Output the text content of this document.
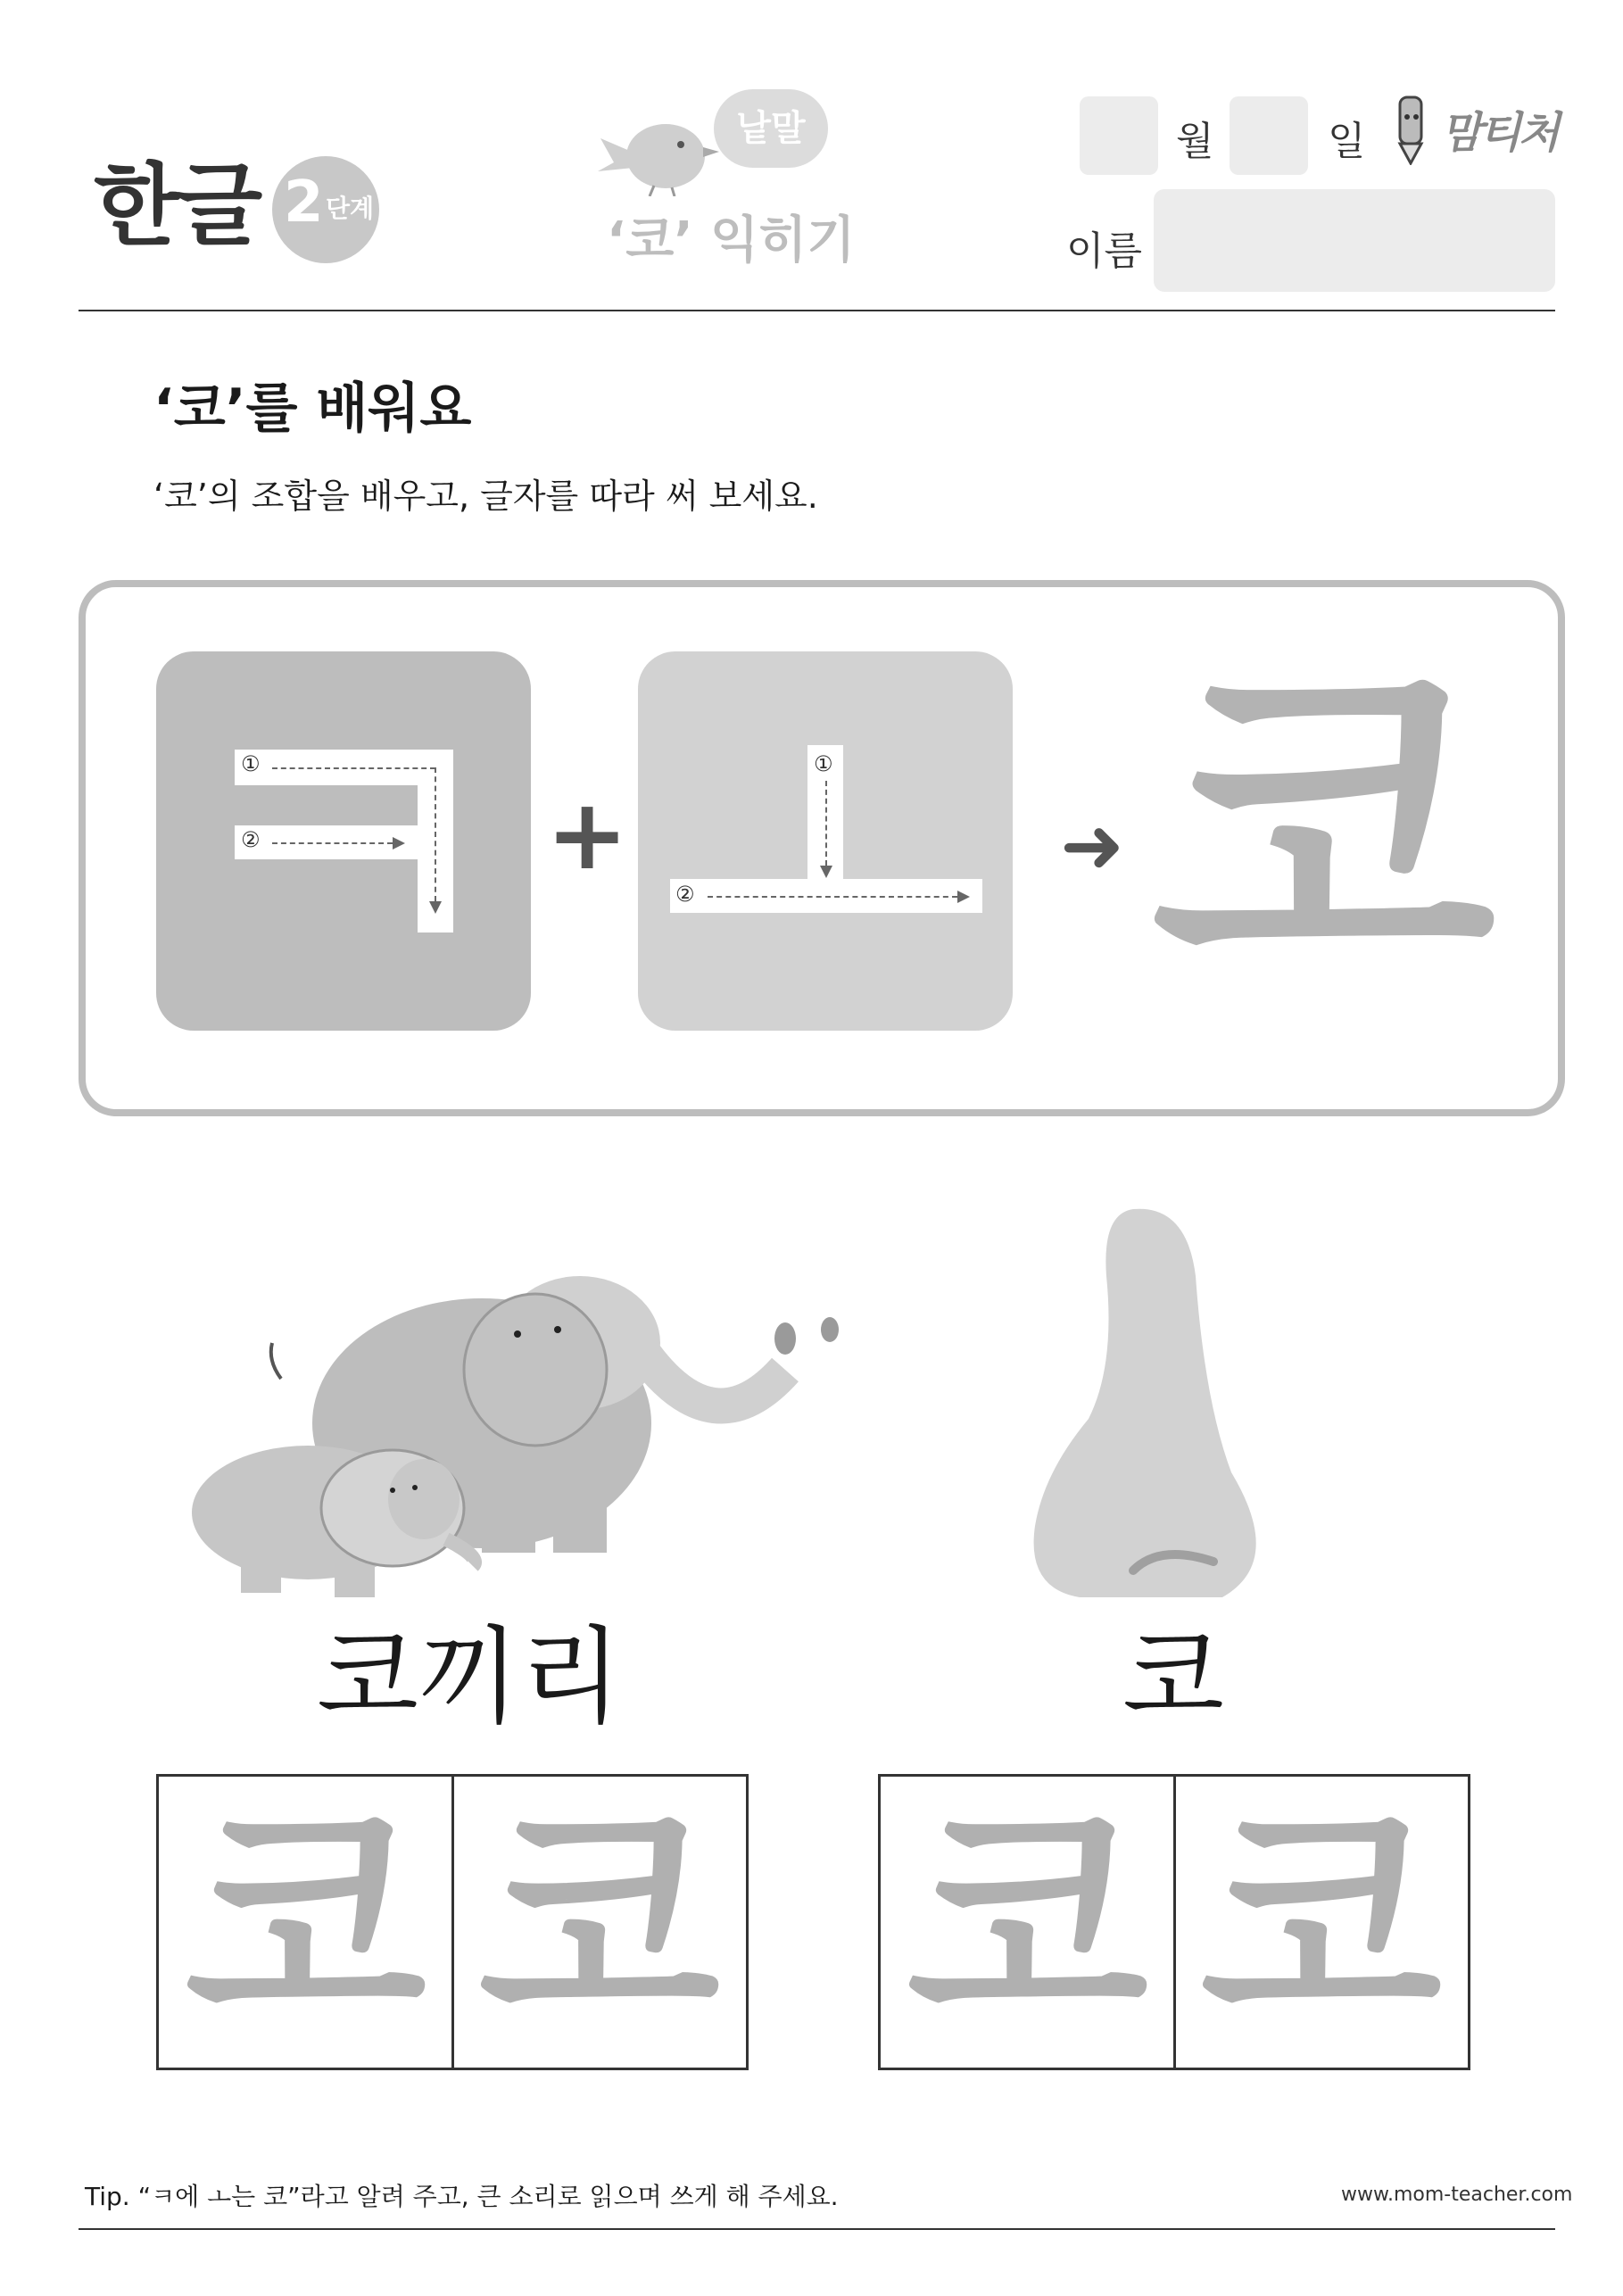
한글 2 단계
낱말
‘코’ 익히기
월	일 맘티처
이름
‘코’를 배워요
‘코’의 조합을 배우고, 글자를 따라 써 보세요.
①
②	+
①
②
➜ 코
코끼리	코
코 코 코 코
Tip. “ㅋ에 ㅗ는 코”라고 알려 주고, 큰 소리로 읽으며 쓰게 해 주세요.	www.mom-teacher.com
